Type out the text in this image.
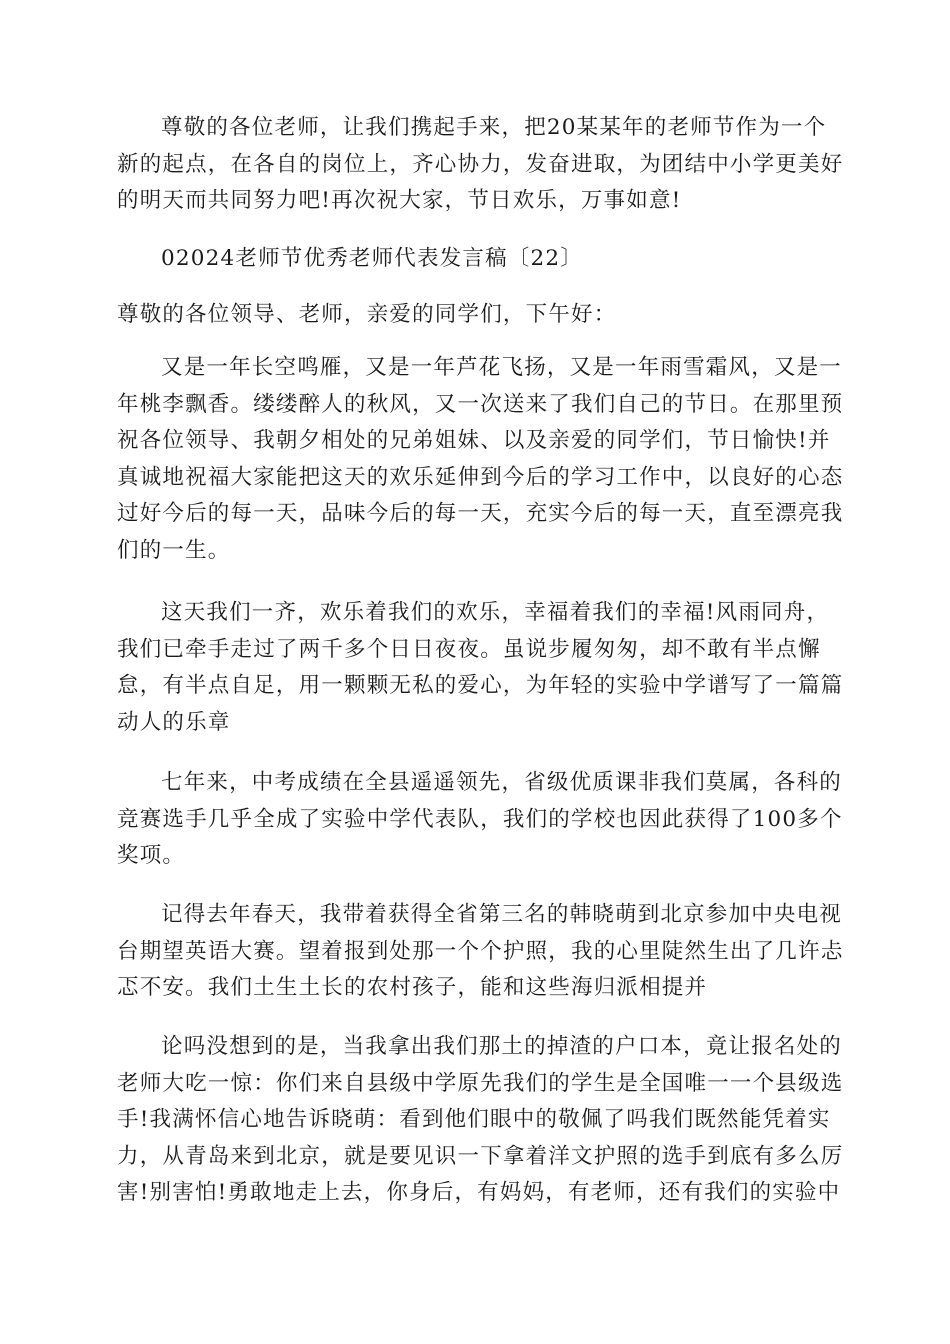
尊敬的各位老师，让我们携起手来，把20某某年的老师节作为一个
新的起点，在各自的岗位上，齐心协力，发奋进取，为团结中小学更美好
的明天而共同努力吧!再次祝大家，节日欢乐，万事如意!
02024老师节优秀老师代表发言稿〔22〕
尊敬的各位领导、老师，亲爱的同学们，下午好：
又是一年长空鸣雁，又是一年芦花飞扬，又是一年雨雪霜风，又是一
年桃李飘香。缕缕醉人的秋风，又一次送来了我们自己的节日。在那里预
祝各位领导、我朝夕相处的兄弟姐妹、以及亲爱的同学们，节日愉快!并
真诚地祝福大家能把这天的欢乐延伸到今后的学习工作中，以良好的心态
过好今后的每一天，品味今后的每一天，充实今后的每一天，直至漂亮我
们的一生。
这天我们一齐，欢乐着我们的欢乐，幸福着我们的幸福!风雨同舟，
我们已牵手走过了两千多个日日夜夜。虽说步履匆匆，却不敢有半点懈
怠，有半点自足，用一颗颗无私的爱心，为年轻的实验中学谱写了一篇篇
动人的乐章
七年来，中考成绩在全县遥遥领先，省级优质课非我们莫属，各科的
竞赛选手几乎全成了实验中学代表队，我们的学校也因此获得了100多个
奖项。
记得去年春天，我带着获得全省第三名的韩晓萌到北京参加中央电视
台期望英语大赛。望着报到处那一个个护照，我的心里陡然生出了几许忐
忑不安。我们土生土长的农村孩子，能和这些海归派相提并
论吗没想到的是，当我拿出我们那土的掉渣的户口本，竟让报名处的
老师大吃一惊：你们来自县级中学原先我们的学生是全国唯一一个县级选
手!我满怀信心地告诉晓萌：看到他们眼中的敬佩了吗我们既然能凭着实
力，从青岛来到北京，就是要见识一下拿着洋文护照的选手到底有多么厉
害!别害怕!勇敢地走上去，你身后，有妈妈，有老师，还有我们的实验中
